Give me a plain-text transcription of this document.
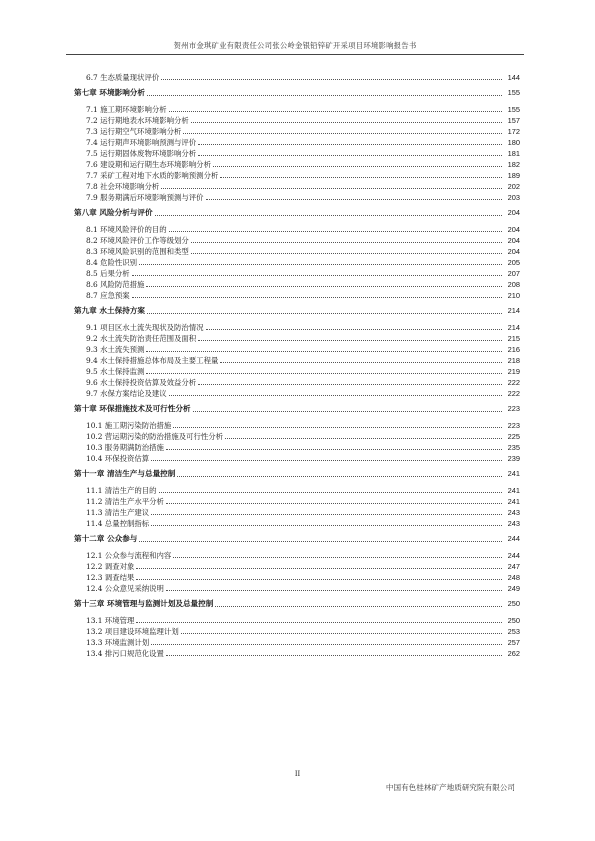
贺州市金琪矿业有限责任公司张公岭金银铅锌矿开采项目环境影响报告书
6.7 生态质量现状评价	144
第七章 环境影响分析	155
7.1 施工期环境影响分析	155
7.2 运行期地表水环境影响分析	157
7.3 运行期空气环境影响分析	172
7.4 运行期声环境影响预测与评价	180
7.5 运行期固体废物环境影响分析	181
7.6 建设期和运行期生态环境影响分析	182
7.7 采矿工程对地下水质的影响预测分析	189
7.8 社会环境影响分析	202
7.9 服务期满后环境影响预测与评价	203
第八章 风险分析与评价	204
8.1 环境风险评价的目的	204
8.2 环境风险评价工作等级划分	204
8.3 环境风险识别的范围和类型	204
8.4 危险性识别	205
8.5 后果分析	207
8.6 风险防范措施	208
8.7 应急预案	210
第九章 水土保持方案	214
9.1 项目区水土流失现状及防治情况	214
9.2 水土流失防治责任范围及面积	215
9.3 水土流失预测	216
9.4 水土保持措施总体布局及主要工程量	218
9.5 水土保持监测	219
9.6 水土保持投资估算及效益分析	222
9.7 水保方案结论及建议	222
第十章 环保措施技术及可行性分析	223
10.1 施工期污染防治措施	223
10.2 营运期污染的防治措施及可行性分析	225
10.3 服务期满防治措施	235
10.4 环保投资估算	239
第十一章 清洁生产与总量控制	241
11.1 清洁生产的目的	241
11.2 清洁生产水平分析	241
11.3 清洁生产建议	243
11.4 总量控制指标	243
第十二章 公众参与	244
12.1 公众参与流程和内容	244
12.2 调查对象	247
12.3 调查结果	248
12.4 公众意见采纳说明	249
第十三章 环境管理与监测计划及总量控制	250
13.1 环境管理	250
13.2 项目建设环境监理计划	253
13.3 环境监测计划	257
13.4 排污口规范化设置	262
II
中国有色桂林矿产地质研究院有限公司
